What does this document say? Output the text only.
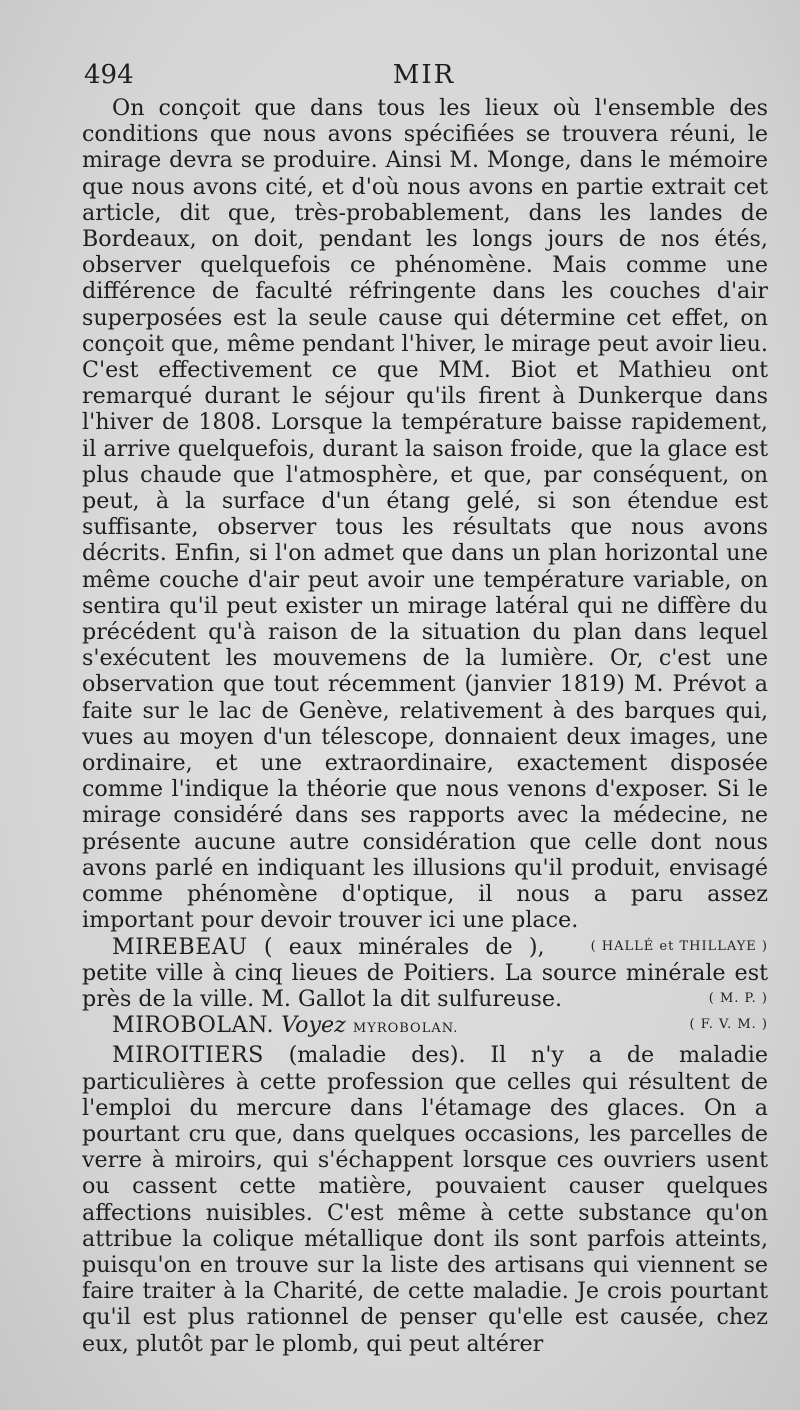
494	MIR

On conçoit que dans tous les lieux où l'ensemble des conditions que nous avons spécifiées se trouvera réuni, le mirage devra se produire. Ainsi M. Monge, dans le mémoire que nous avons cité, et d'où nous avons en partie extrait cet article, dit que, très-probablement, dans les landes de Bordeaux, on doit, pendant les longs jours de nos étés, observer quelquefois ce phénomène. Mais comme une différence de faculté réfringente dans les couches d'air superposées est la seule cause qui détermine cet effet, on conçoit que, même pendant l'hiver, le mirage peut avoir lieu. C'est effectivement ce que MM. Biot et Mathieu ont remarqué durant le séjour qu'ils firent à Dunkerque dans l'hiver de 1808. Lorsque la température baisse rapidement, il arrive quelquefois, durant la saison froide, que la glace est plus chaude que l'atmosphère, et que, par conséquent, on peut, à la surface d'un étang gelé, si son étendue est suffisante, observer tous les résultats que nous avons décrits. Enfin, si l'on admet que dans un plan horizontal une même couche d'air peut avoir une température variable, on sentira qu'il peut exister un mirage latéral qui ne diffère du précédent qu'à raison de la situation du plan dans lequel s'exécutent les mouvemens de la lumière. Or, c'est une observation que tout récemment (janvier 1819) M. Prévot a faite sur le lac de Genève, relativement à des barques qui, vues au moyen d'un télescope, donnaient deux images, une ordinaire, et une extraordinaire, exactement disposée comme l'indique la théorie que nous venons d'exposer. Si le mirage considéré dans ses rapports avec la médecine, ne présente aucune autre considération que celle dont nous avons parlé en indiquant les illusions qu'il produit, envisagé comme phénomène d'optique, il nous a paru assez important pour devoir trouver ici une place.
( HALLÉ et THILLAYE )

MIREBEAU ( eaux minérales de ), petite ville à cinq lieues de Poitiers. La source minérale est près de la ville. M. Gallot la dit sulfureuse.	( M. P. )

MIROBOLAN. Voyez MYROBOLAN.	( F. V. M. )

MIROITIERS (maladie des). Il n'y a de maladie particulières à cette profession que celles qui résultent de l'emploi du mercure dans l'étamage des glaces. On a pourtant cru que, dans quelques occasions, les parcelles de verre à miroirs, qui s'échappent lorsque ces ouvriers usent ou cassent cette matière, pouvaient causer quelques affections nuisibles. C'est même à cette substance qu'on attribue la colique métallique dont ils sont parfois atteints, puisqu'on en trouve sur la liste des artisans qui viennent se faire traiter à la Charité, de cette maladie. Je crois pourtant qu'il est plus rationnel de penser qu'elle est causée, chez eux, plutôt par le plomb, qui peut altérer
